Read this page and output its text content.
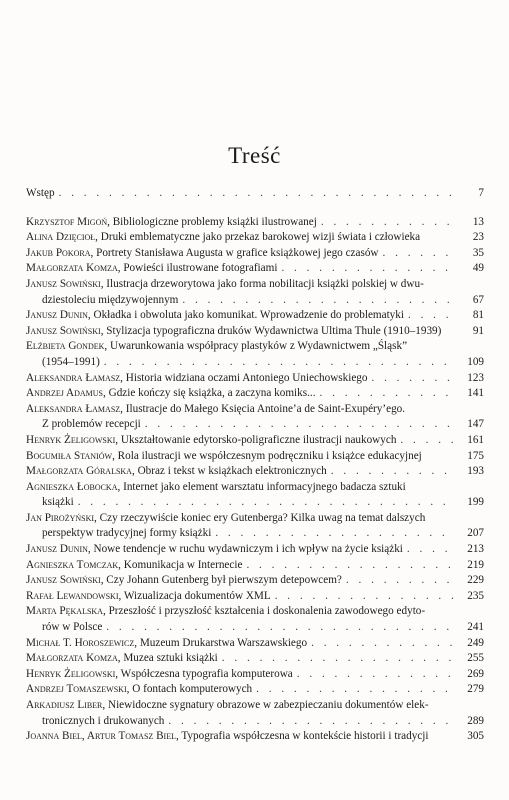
Treść
Wstęp . . .	7
Krzysztof Migoń , Bibliologiczne problemy książki ilustrowanej . . .	13
Alina Dzięcioł , Druki emblematyczne jako przekaz barokowej wizji świata i człowieka	23
Jakub Pokora , Portrety Stanisława Augusta w grafice książkowej jego czasów . . .	35
Małgorzata Komza , Powieści ilustrowane fotografiami . . .	49
Janusz Sowiński , Ilustracja drzeworytowa jako forma nobilitacji książki polskiej w dwu-
dziestoleciu międzywojennym . . .	67
Janusz Dunin , Okładka i obwoluta jako komunikat. Wprowadzenie do problematyki . . .	81
Janusz Sowiński , Stylizacja typograficzna druków Wydawnictwa Ultima Thule (1910–1939)	91
Elżbieta Gondek , Uwarunkowania współpracy plastyków z Wydawnictwem „Śląsk”
(1954–1991) . . .	109
Aleksandra Łamasz , Historia widziana oczami Antoniego Uniechowskiego . . .	123
Andrzej Adamus , Gdzie kończy się książka, a zaczyna komiks... . . .	141
Aleksandra Łamasz , Ilustracje do Małego Księcia Antoine’a de Saint-Exupéry’ego.
Z problemów recepcji . . .	147
Henryk Żeligowski , Ukształtowanie edytorsko-poligraficzne ilustracji naukowych . . .	161
Bogumiła Staniów , Rola ilustracji we współczesnym podręczniku i książce edukacyjnej	175
Małgorzata Góralska , Obraz i tekst w książkach elektronicznych . . .	193
Agnieszka Łobocka , Internet jako element warsztatu informacyjnego badacza sztuki
książki . . .	199
Jan Pirożyński , Czy rzeczywiście koniec ery Gutenberga? Kilka uwag na temat dalszych
perspektyw tradycyjnej formy książki . . .	207
Janusz Dunin , Nowe tendencje w ruchu wydawniczym i ich wpływ na życie książki . . .	213
Agnieszka Tomczak , Komunikacja w Internecie . . .	219
Janusz Sowiński , Czy Johann Gutenberg był pierwszym detepowcem? . . .	229
Rafał Lewandowski , Wizualizacja dokumentów XML . . .	235
Marta Pękalska , Przeszłość i przyszłość kształcenia i doskonalenia zawodowego edyto-
rów w Polsce . . .	241
Michał T. Horoszewicz , Muzeum Drukarstwa Warszawskiego . . .	249
Małgorzata Komza , Muzea sztuki książki . . .	255
Henryk Żeligowski , Współczesna typografia komputerowa . . .	269
Andrzej Tomaszewski , O fontach komputerowych . . .	279
Arkadiusz Liber , Niewidoczne sygnatury obrazowe w zabezpieczaniu dokumentów elek-
tronicznych i drukowanych . . .	289
Joanna Biel, Artur Tomasz Biel , Typografia współczesna w kontekście historii i tradycji	305
